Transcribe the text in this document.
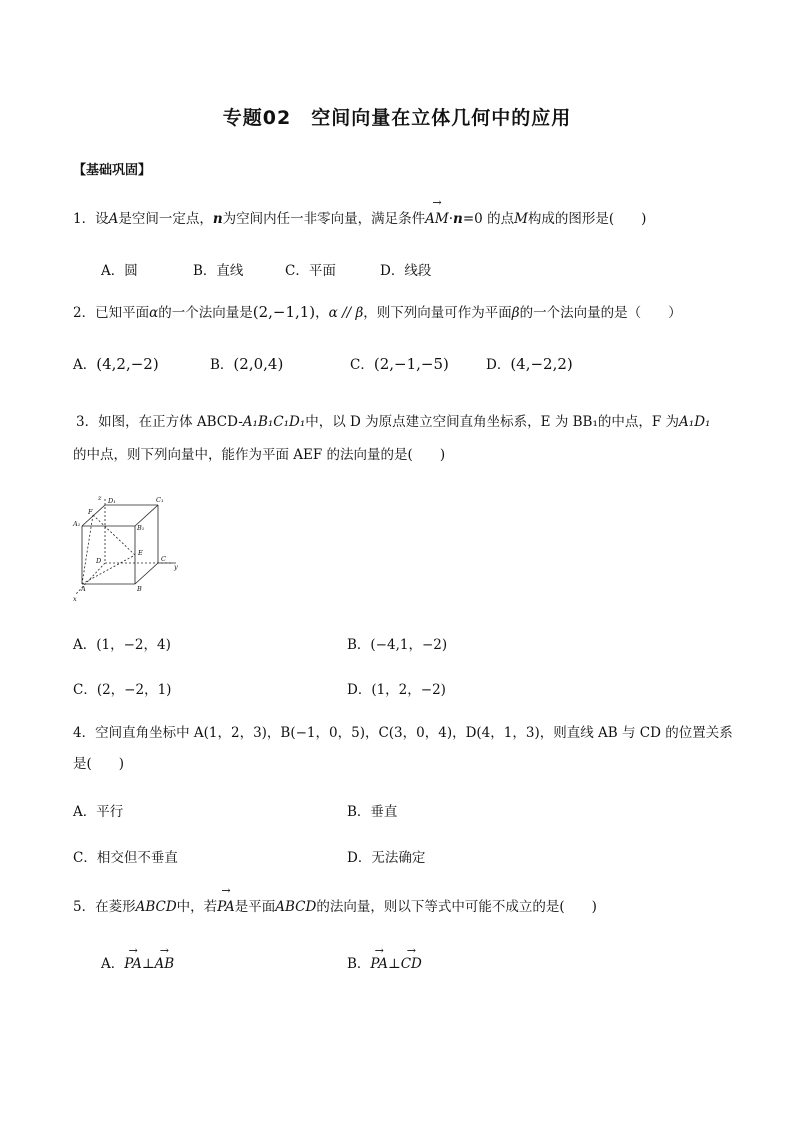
专题02　空间向量在立体几何中的应用
【基础巩固】
1．设A是空间一定点，n为空间内任一非零向量，满足条件→ AM·n=0 的点M构成的图形是(　　)
A．圆	B．直线	C．平面	D．线段
2．已知平面α的一个法向量是(2,−1,1)，α // β，则下列向量可作为平面β的一个法向量的是（　　）
A．(4,2,−2)	B．(2,0,4)	C．(2,−1,−5)	D．(4,−2,2)
3．如图，在正方体 ABCD-A₁B₁C₁D₁中，以 D 为原点建立空间直角坐标系，E 为 BB₁的中点，F 为A₁D₁
的中点，则下列向量中，能作为平面 AEF 的法向量的是(　　)
z D₁	C₁
A₁
F
B₁
E
D	C
y
A	B
x
A．(1，−2，4)	B．(−4,1，−2)
C．(2，−2，1)	D．(1，2，−2)
4．空间直角坐标中 A(1，2，3)，B(−1，0，5)，C(3，0，4)，D(4，1，3)，则直线 AB 与 CD 的位置关系
是(　　)
A．平行	B．垂直
C．相交但不垂直	D．无法确定
5．在菱形ABCD中，若→ PA是平面ABCD的法向量，则以下等式中可能不成立的是(　　)
A．→ PA⊥→ AB	B．→ PA⊥→ CD
